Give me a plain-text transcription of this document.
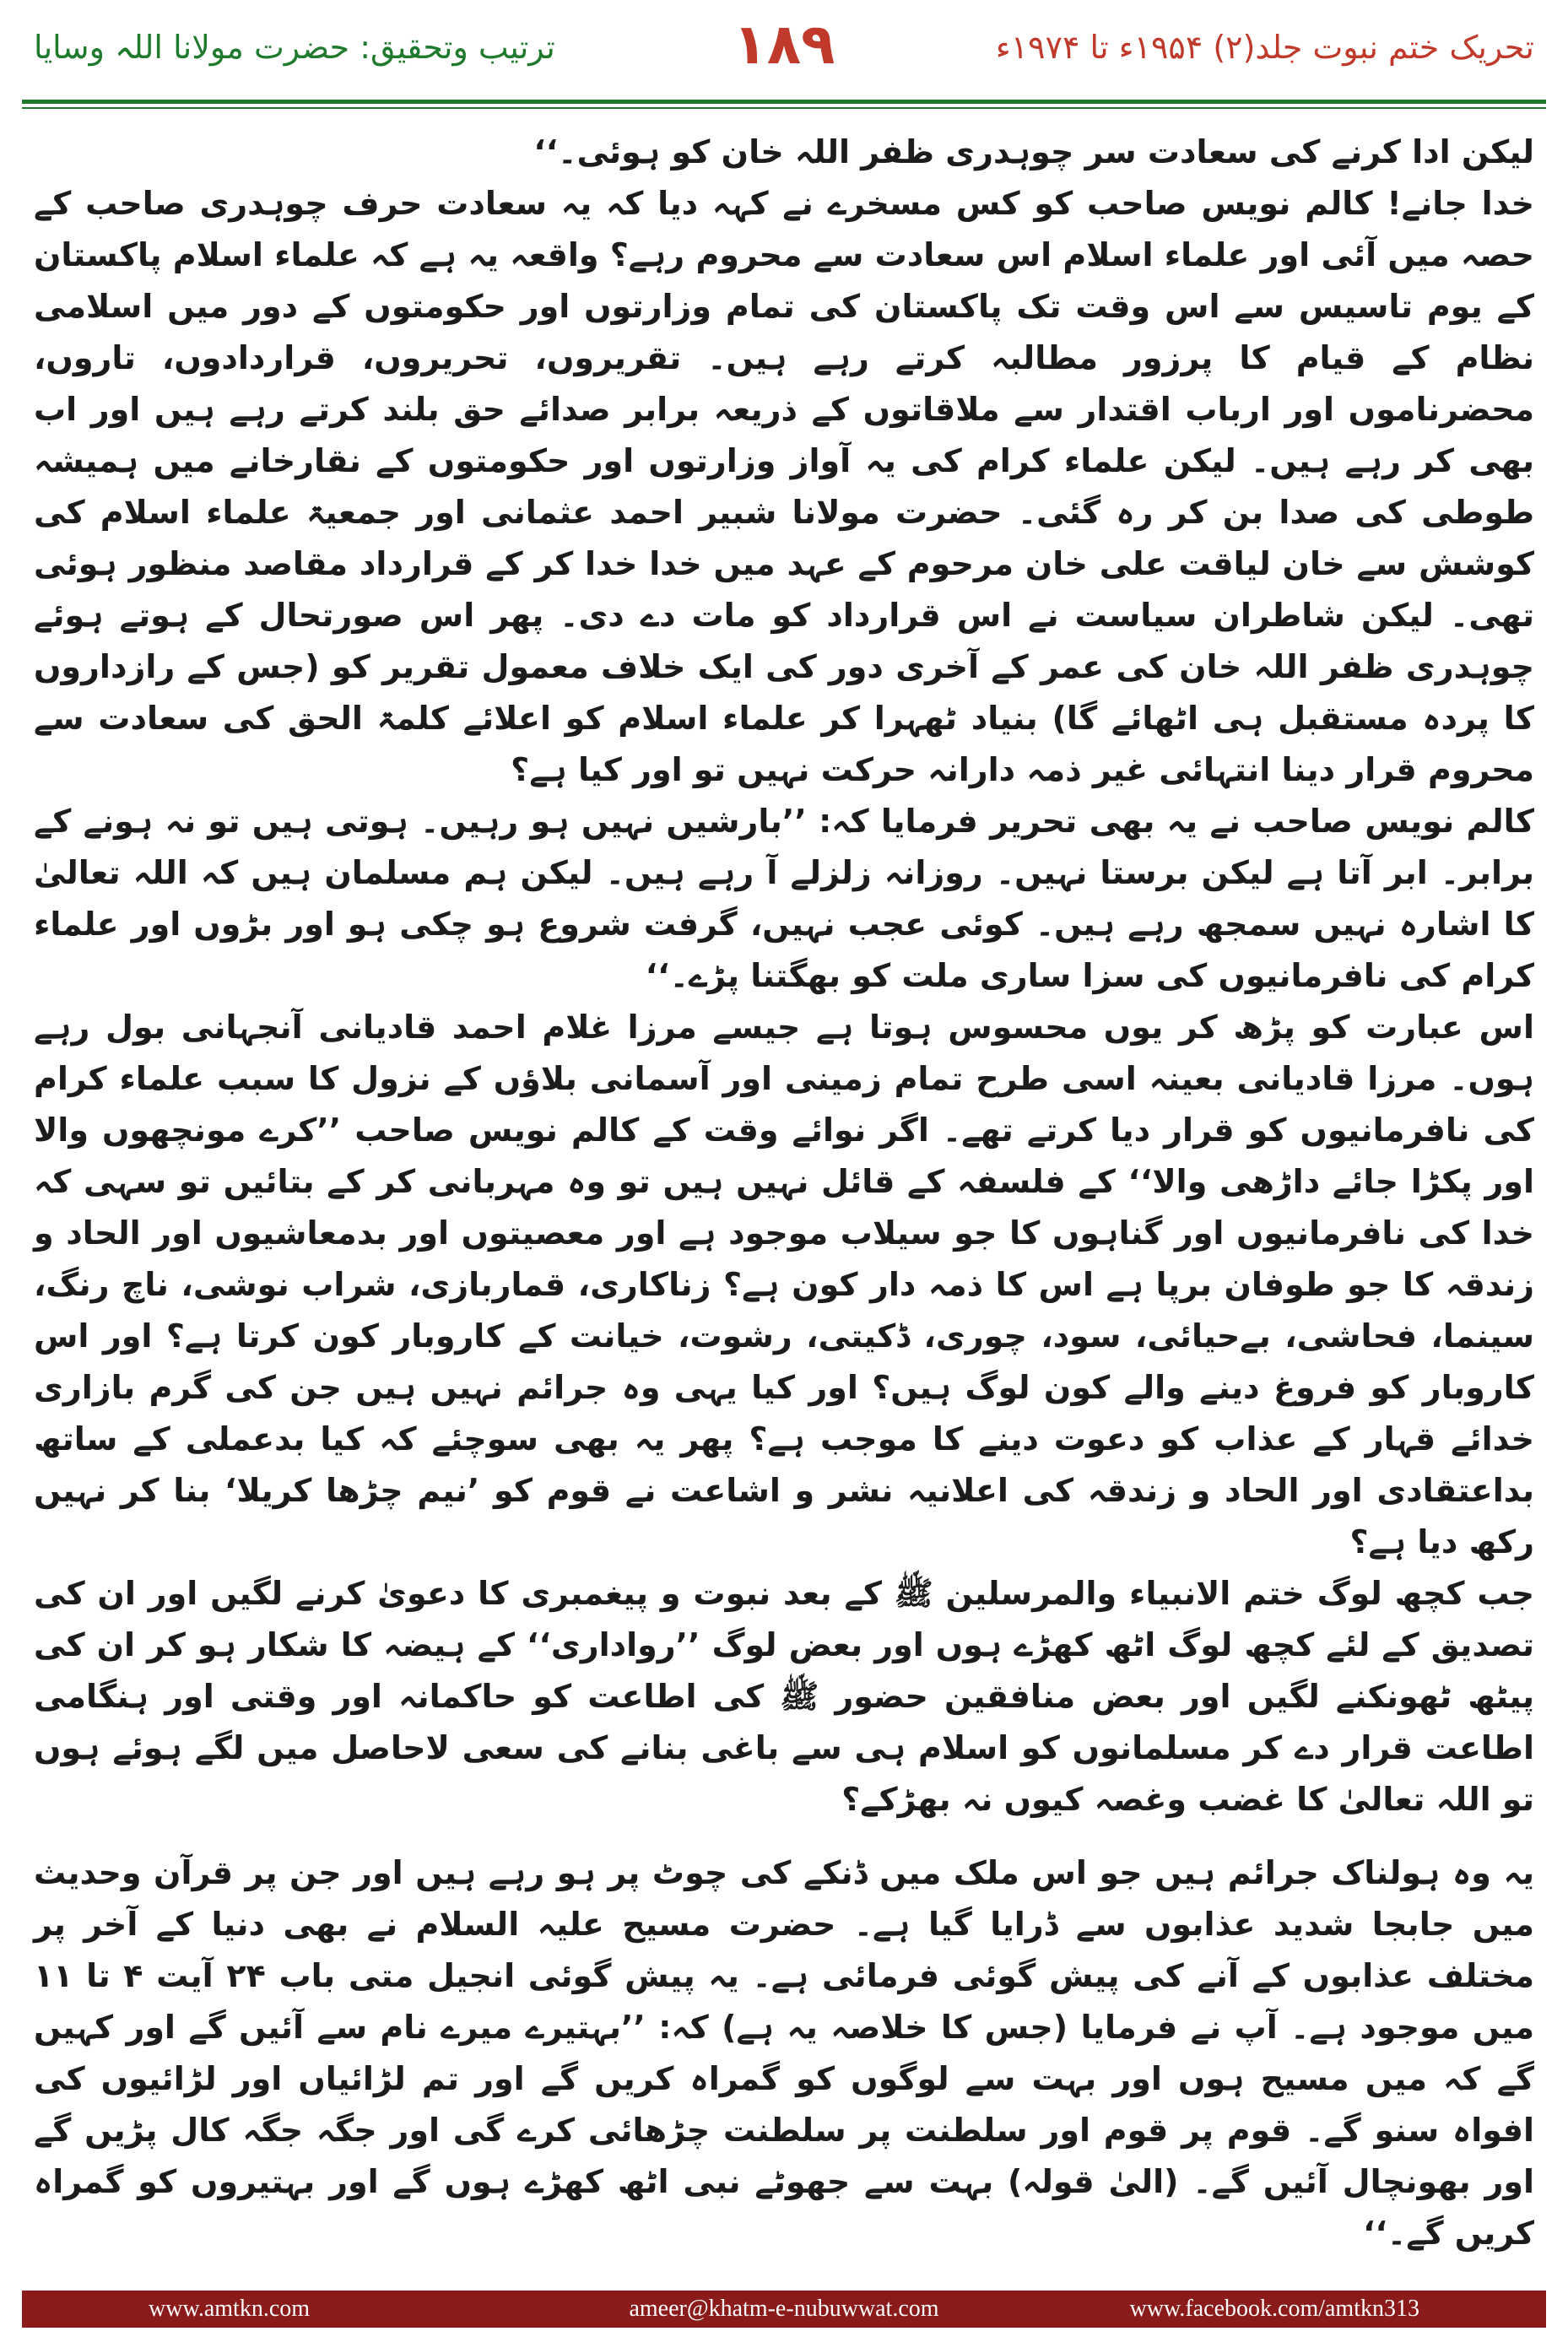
ترتیب وتحقیق: حضرت مولانا اللہ وسایا	۱۸۹	تحریک ختم نبوت جلد(۲) ۱۹۵۴ء تا ۱۹۷۴ء

لیکن ادا کرنے کی سعادت سر چوہدری ظفر اللہ خان کو ہوئی۔‘‘

خدا جانے! کالم نویس صاحب کو کس مسخرے نے کہہ دیا کہ یہ سعادت حرف چوہدری صاحب کے حصہ میں آئی اور علماء اسلام اس سعادت سے محروم رہے؟ واقعہ یہ ہے کہ علماء اسلام پاکستان کے یوم تاسیس سے اس وقت تک پاکستان کی تمام وزارتوں اور حکومتوں کے دور میں اسلامی نظام کے قیام کا پرزور مطالبہ کرتے رہے ہیں۔ تقریروں، تحریروں، قراردادوں، تاروں، محضرناموں اور ارباب اقتدار سے ملاقاتوں کے ذریعہ برابر صدائے حق بلند کرتے رہے ہیں اور اب بھی کر رہے ہیں۔ لیکن علماء کرام کی یہ آواز وزارتوں اور حکومتوں کے نقارخانے میں ہمیشہ طوطی کی صدا بن کر رہ گئی۔ حضرت مولانا شبیر احمد عثمانی اور جمعیۃ علماء اسلام کی کوشش سے خان لیاقت علی خان مرحوم کے عہد میں خدا خدا کر کے قرارداد مقاصد منظور ہوئی تھی۔ لیکن شاطران سیاست نے اس قرارداد کو مات دے دی۔ پھر اس صورتحال کے ہوتے ہوئے چوہدری ظفر اللہ خان کی عمر کے آخری دور کی ایک خلاف معمول تقریر کو (جس کے رازداروں کا پردہ مستقبل ہی اٹھائے گا) بنیاد ٹھہرا کر علماء اسلام کو اعلائے کلمۃ الحق کی سعادت سے محروم قرار دینا انتہائی غیر ذمہ دارانہ حرکت نہیں تو اور کیا ہے؟

کالم نویس صاحب نے یہ بھی تحریر فرمایا کہ: ’’بارشیں نہیں ہو رہیں۔ ہوتی ہیں تو نہ ہونے کے برابر۔ ابر آتا ہے لیکن برستا نہیں۔ روزانہ زلزلے آ رہے ہیں۔ لیکن ہم مسلمان ہیں کہ اللہ تعالیٰ کا اشارہ نہیں سمجھ رہے ہیں۔ کوئی عجب نہیں، گرفت شروع ہو چکی ہو اور بڑوں اور علماء کرام کی نافرمانیوں کی سزا ساری ملت کو بھگتنا پڑے۔‘‘

اس عبارت کو پڑھ کر یوں محسوس ہوتا ہے جیسے مرزا غلام احمد قادیانی آنجہانی بول رہے ہوں۔ مرزا قادیانی بعینہ اسی طرح تمام زمینی اور آسمانی بلاؤں کے نزول کا سبب علماء کرام کی نافرمانیوں کو قرار دیا کرتے تھے۔ اگر نوائے وقت کے کالم نویس صاحب ’’کرے مونچھوں والا اور پکڑا جائے داڑھی والا‘‘ کے فلسفہ کے قائل نہیں ہیں تو وہ مہربانی کر کے بتائیں تو سہی کہ خدا کی نافرمانیوں اور گناہوں کا جو سیلاب موجود ہے اور معصیتوں اور بدمعاشیوں اور الحاد و زندقہ کا جو طوفان برپا ہے اس کا ذمہ دار کون ہے؟ زناکاری، قماربازی، شراب نوشی، ناچ رنگ، سینما، فحاشی، بےحیائی، سود، چوری، ڈکیتی، رشوت، خیانت کے کاروبار کون کرتا ہے؟ اور اس کاروبار کو فروغ دینے والے کون لوگ ہیں؟ اور کیا یہی وہ جرائم نہیں ہیں جن کی گرم بازاری خدائے قہار کے عذاب کو دعوت دینے کا موجب ہے؟ پھر یہ بھی سوچئے کہ کیا بدعملی کے ساتھ بداعتقادی اور الحاد و زندقہ کی اعلانیہ نشر و اشاعت نے قوم کو ’نیم چڑھا کریلا‘ بنا کر نہیں رکھ دیا ہے؟

جب کچھ لوگ ختم الانبیاء والمرسلین ﷺ کے بعد نبوت و پیغمبری کا دعویٰ کرنے لگیں اور ان کی تصدیق کے لئے کچھ لوگ اٹھ کھڑے ہوں اور بعض لوگ ’’رواداری‘‘ کے ہیضہ کا شکار ہو کر ان کی پیٹھ ٹھونکنے لگیں اور بعض منافقین حضور ﷺ کی اطاعت کو حاکمانہ اور وقتی اور ہنگامی اطاعت قرار دے کر مسلمانوں کو اسلام ہی سے باغی بنانے کی سعی لاحاصل میں لگے ہوئے ہوں تو اللہ تعالیٰ کا غضب وغصہ کیوں نہ بھڑکے؟

یہ وہ ہولناک جرائم ہیں جو اس ملک میں ڈنکے کی چوٹ پر ہو رہے ہیں اور جن پر قرآن وحدیث میں جابجا شدید عذابوں سے ڈرایا گیا ہے۔ حضرت مسیح علیہ السلام نے بھی دنیا کے آخر پر مختلف عذابوں کے آنے کی پیش گوئی فرمائی ہے۔ یہ پیش گوئی انجیل متی باب ۲۴ آیت ۴ تا ۱۱ میں موجود ہے۔ آپ نے فرمایا (جس کا خلاصہ یہ ہے) کہ: ’’بہتیرے میرے نام سے آئیں گے اور کہیں گے کہ میں مسیح ہوں اور بہت سے لوگوں کو گمراہ کریں گے اور تم لڑائیاں اور لڑائیوں کی افواہ سنو گے۔ قوم پر قوم اور سلطنت پر سلطنت چڑھائی کرے گی اور جگہ جگہ کال پڑیں گے اور بھونچال آئیں گے۔ (الیٰ قولہ) بہت سے جھوٹے نبی اٹھ کھڑے ہوں گے اور بہتیروں کو گمراہ کریں گے۔‘‘

ameer@khatm-e-nubuwwat.com
www.amtkn.com	www.facebook.com/amtkn313
